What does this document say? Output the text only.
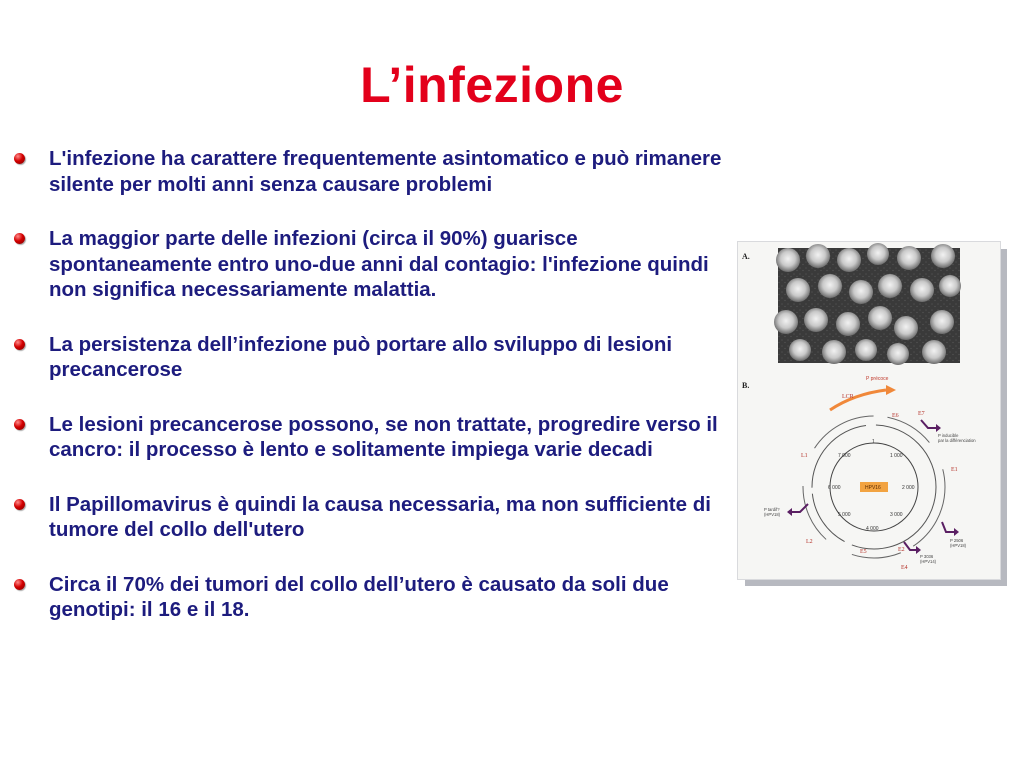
L’infezione
L'infezione ha carattere frequentemente asintomatico e può rimanere silente per molti anni senza causare problemi
La maggior parte delle infezioni (circa il 90%) guarisce spontaneamente entro uno-due anni dal contagio: l'infezione quindi non significa necessariamente malattia.
La persistenza dell’infezione può portare allo sviluppo di lesioni precancerose
Le lesioni precancerose possono, se non trattate, progredire verso il cancro: il processo è lento e solitamente impiega varie decadi
Il Papillomavirus è quindi la causa necessaria, ma non sufficiente di tumore del collo dell'utero
Circa il 70% dei tumori del collo dell’utero è causato da soli due genotipi: il 16 e il 18.
A.
B.
P précoce
LCR
1
1 000
2 000
3 000
4 000
5 000
6 000
7 000
HPV16
E6	E7
E1
E2
E4
E5
L2
L1
P inducible
par la différenciation
P tardif?
(HPV18)
P 2506
(HPV18)
P 3036
(HPV14)
